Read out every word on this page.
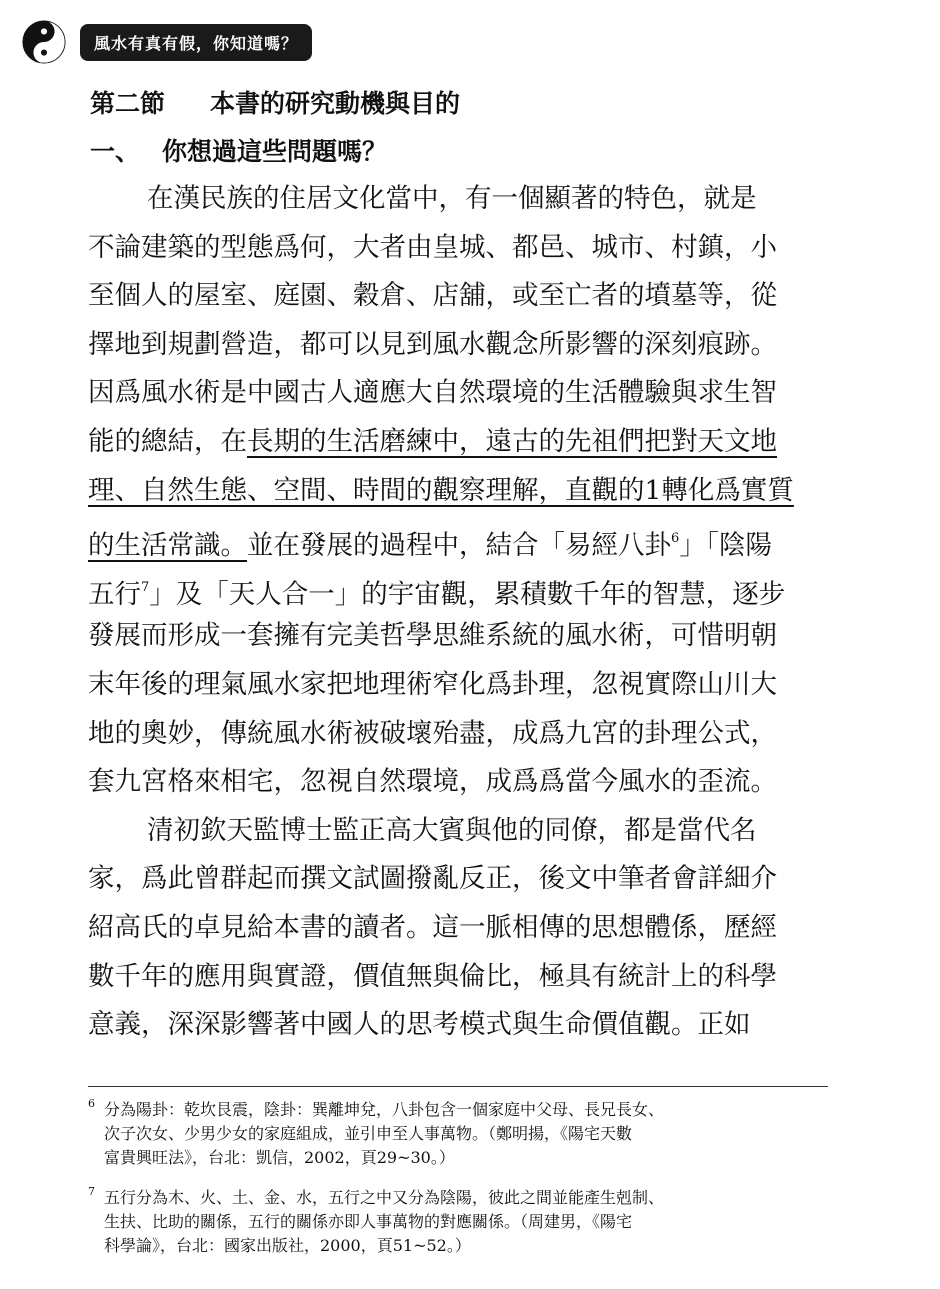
風水有真有假，你知道嗎？
第二節 本書的研究動機與目的
一、 你想過這些問題嗎？
在漢民族的住居文化當中，有一個顯著的特色，就是
不論建築的型態爲何，大者由皇城、都邑、城市、村鎮，小
至個人的屋室、庭園、穀倉、店舖，或至亡者的墳墓等，從
擇地到規劃營造，都可以見到風水觀念所影響的深刻痕跡。
因爲風水術是中國古人適應大自然環境的生活體驗與求生智
能的總結，在長期的生活磨練中，遠古的先祖們把對天文地
理、自然生態、空間、時間的觀察理解，直觀的1轉化爲實質
的生活常識。並在發展的過程中，結合「易經八卦$^6$」「陰陽
五行$^7$」及「天人合一」的宇宙觀，累積數千年的智慧，逐步
發展而形成一套擁有完美哲學思維系統的風水術，可惜明朝
末年後的理氣風水家把地理術窄化爲卦理，忽視實際山川大
地的奧妙，傳統風水術被破壞殆盡，成爲九宮的卦理公式，
套九宮格來相宅，忽視自然環境，成爲爲當今風水的歪流。
清初欽天監博士監正高大賓與他的同僚，都是當代名
家，爲此曾群起而撰文試圖撥亂反正，後文中筆者會詳細介
紹高氏的卓見給本書的讀者。這一脈相傳的思想體係，歷經
數千年的應用與實證，價值無與倫比，極具有統計上的科學
意義，深深影響著中國人的思考模式與生命價值觀。正如
6 分為陽卦：乾坎艮震，陰卦：巽離坤兌，八卦包含一個家庭中父母、長兄長女、
次子次女、少男少女的家庭組成，並引申至人事萬物。（鄭明揚，《陽宅天數
富貴興旺法》，台北：凱信，2002，頁29~30。）
7 五行分為木、火、土、金、水，五行之中又分為陰陽，彼此之間並能產生剋制、
生扶、比助的關係，五行的關係亦即人事萬物的對應關係。（周建男，《陽宅
科學論》，台北：國家出版社，2000，頁51~52。）
